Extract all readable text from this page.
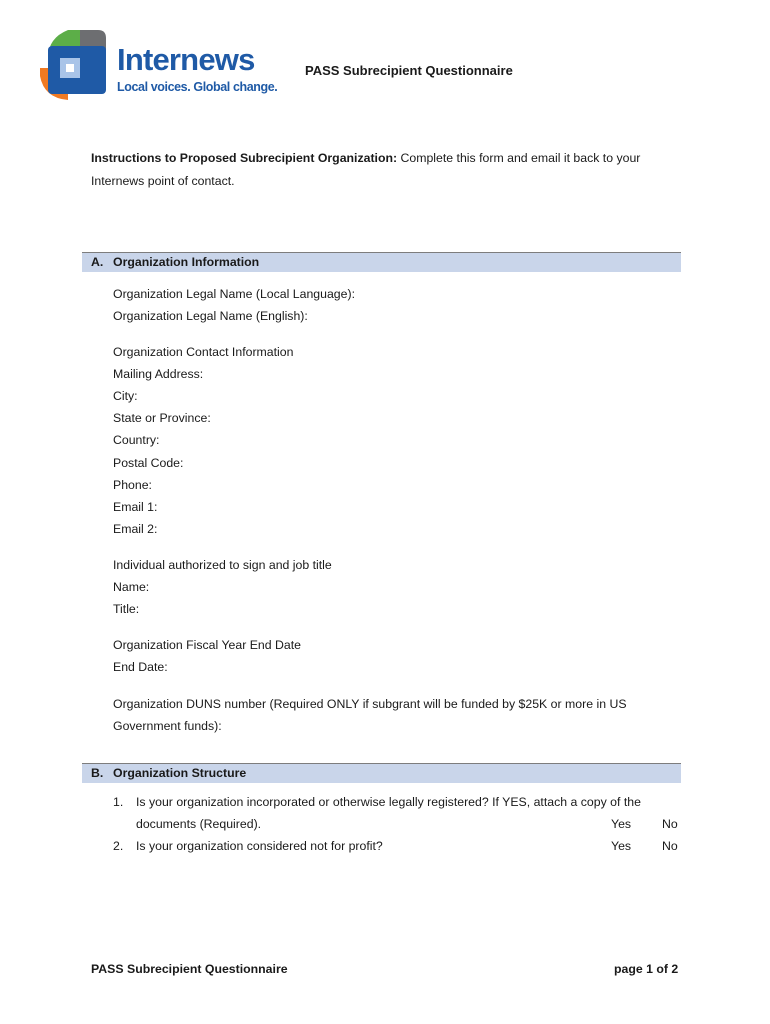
Internews
Local voices. Global change.
PASS Subrecipient Questionnaire
Instructions to Proposed Subrecipient Organization: Complete this form and email it back to your
Internews point of contact.
A. Organization Information
Organization Legal Name (Local Language):
Organization Legal Name (English):
Organization Contact Information
Mailing Address:
City:
State or Province:
Country:
Postal Code:
Phone:
Email 1:
Email 2:
Individual authorized to sign and job title
Name:
Title:
Organization Fiscal Year End Date
End Date:
Organization DUNS number (Required ONLY if subgrant will be funded by $25K or more in US
Government funds):
B. Organization Structure
1. Is your organization incorporated or otherwise legally registered? If YES, attach a copy of the
documents (Required).	Yes	No
2. Is your organization considered not for profit?	Yes	No
PASS Subrecipient Questionnaire	page 1 of 2
